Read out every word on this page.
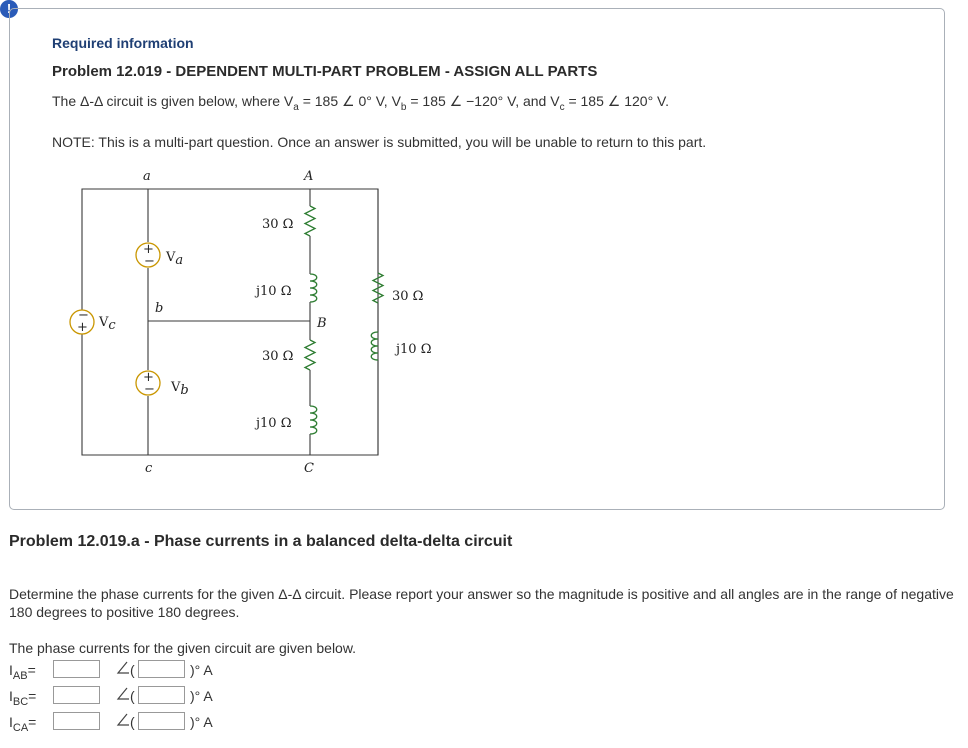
!
Required information
Problem 12.019 - DEPENDENT MULTI-PART PROBLEM - ASSIGN ALL PARTS
The Δ-Δ circuit is given below, where $V_a = 185$ ∠ 0° V, $V_b = 185$ ∠ −120° V, and $V_c = 185$ ∠ 120° V.
NOTE: This is a multi-part question. Once an answer is submitted, you will be unable to return to this part.
+
−
+
−
−
+
Va
Vb
Vc
a
b
c
A
B
C
30 Ω
j10 Ω
30 Ω
j10 Ω
30 Ω
j10 Ω
Problem 12.019.a - Phase currents in a balanced delta-delta circuit
Determine the phase currents for the given Δ-Δ circuit. Please report your answer so the magnitude is positive and all angles are in the range of negative 180 degrees to positive 180 degrees.
The phase currents for the given circuit are given below.
$I_{AB}=$	(	)° A
$I_{BC}=$	(	)° A
$I_{CA}=$	(	)° A
